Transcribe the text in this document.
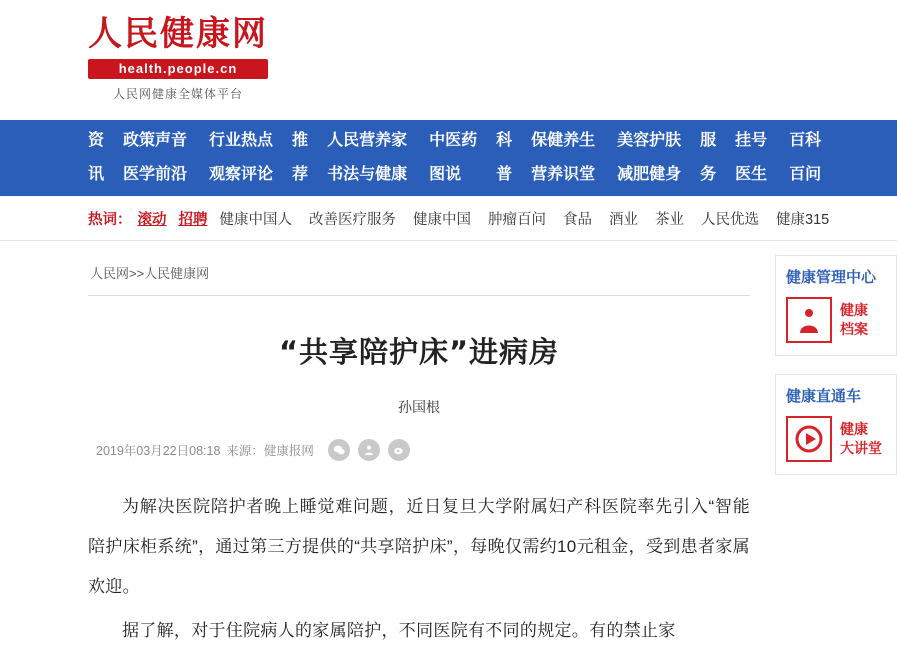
人民健康网
health.people.cn
人民网健康全媒体平台
资
讯
政策声音
医学前沿
行业热点
观察评论
推
荐
人民营养家
书法与健康
中医药
图说
科
普
保健养生
营养识堂
美容护肤
减肥健身
服
务
挂号
医生
百科
百问
热词： 滚动 招聘 健康中国人 改善医疗服务 健康中国 肿瘤百问 食品 酒业 茶业 人民优选 健康315
人民网>>人民健康网
“共享陪护床”进病房
孙国根
2019年03月22日08:18 来源：健康报网

为解决医院陪护者晚上睡觉难问题，近日复旦大学附属妇产科医院率先引入“智能陪护床柜系统”，通过第三方提供的“共享陪护床”，每晚仅需约10元租金，受到患者家属欢迎。

据了解，对于住院病人的家属陪护，不同医院有不同的规定。有的禁止家

健康管理中心
健康
档案
健康直通车
健康
大讲堂
